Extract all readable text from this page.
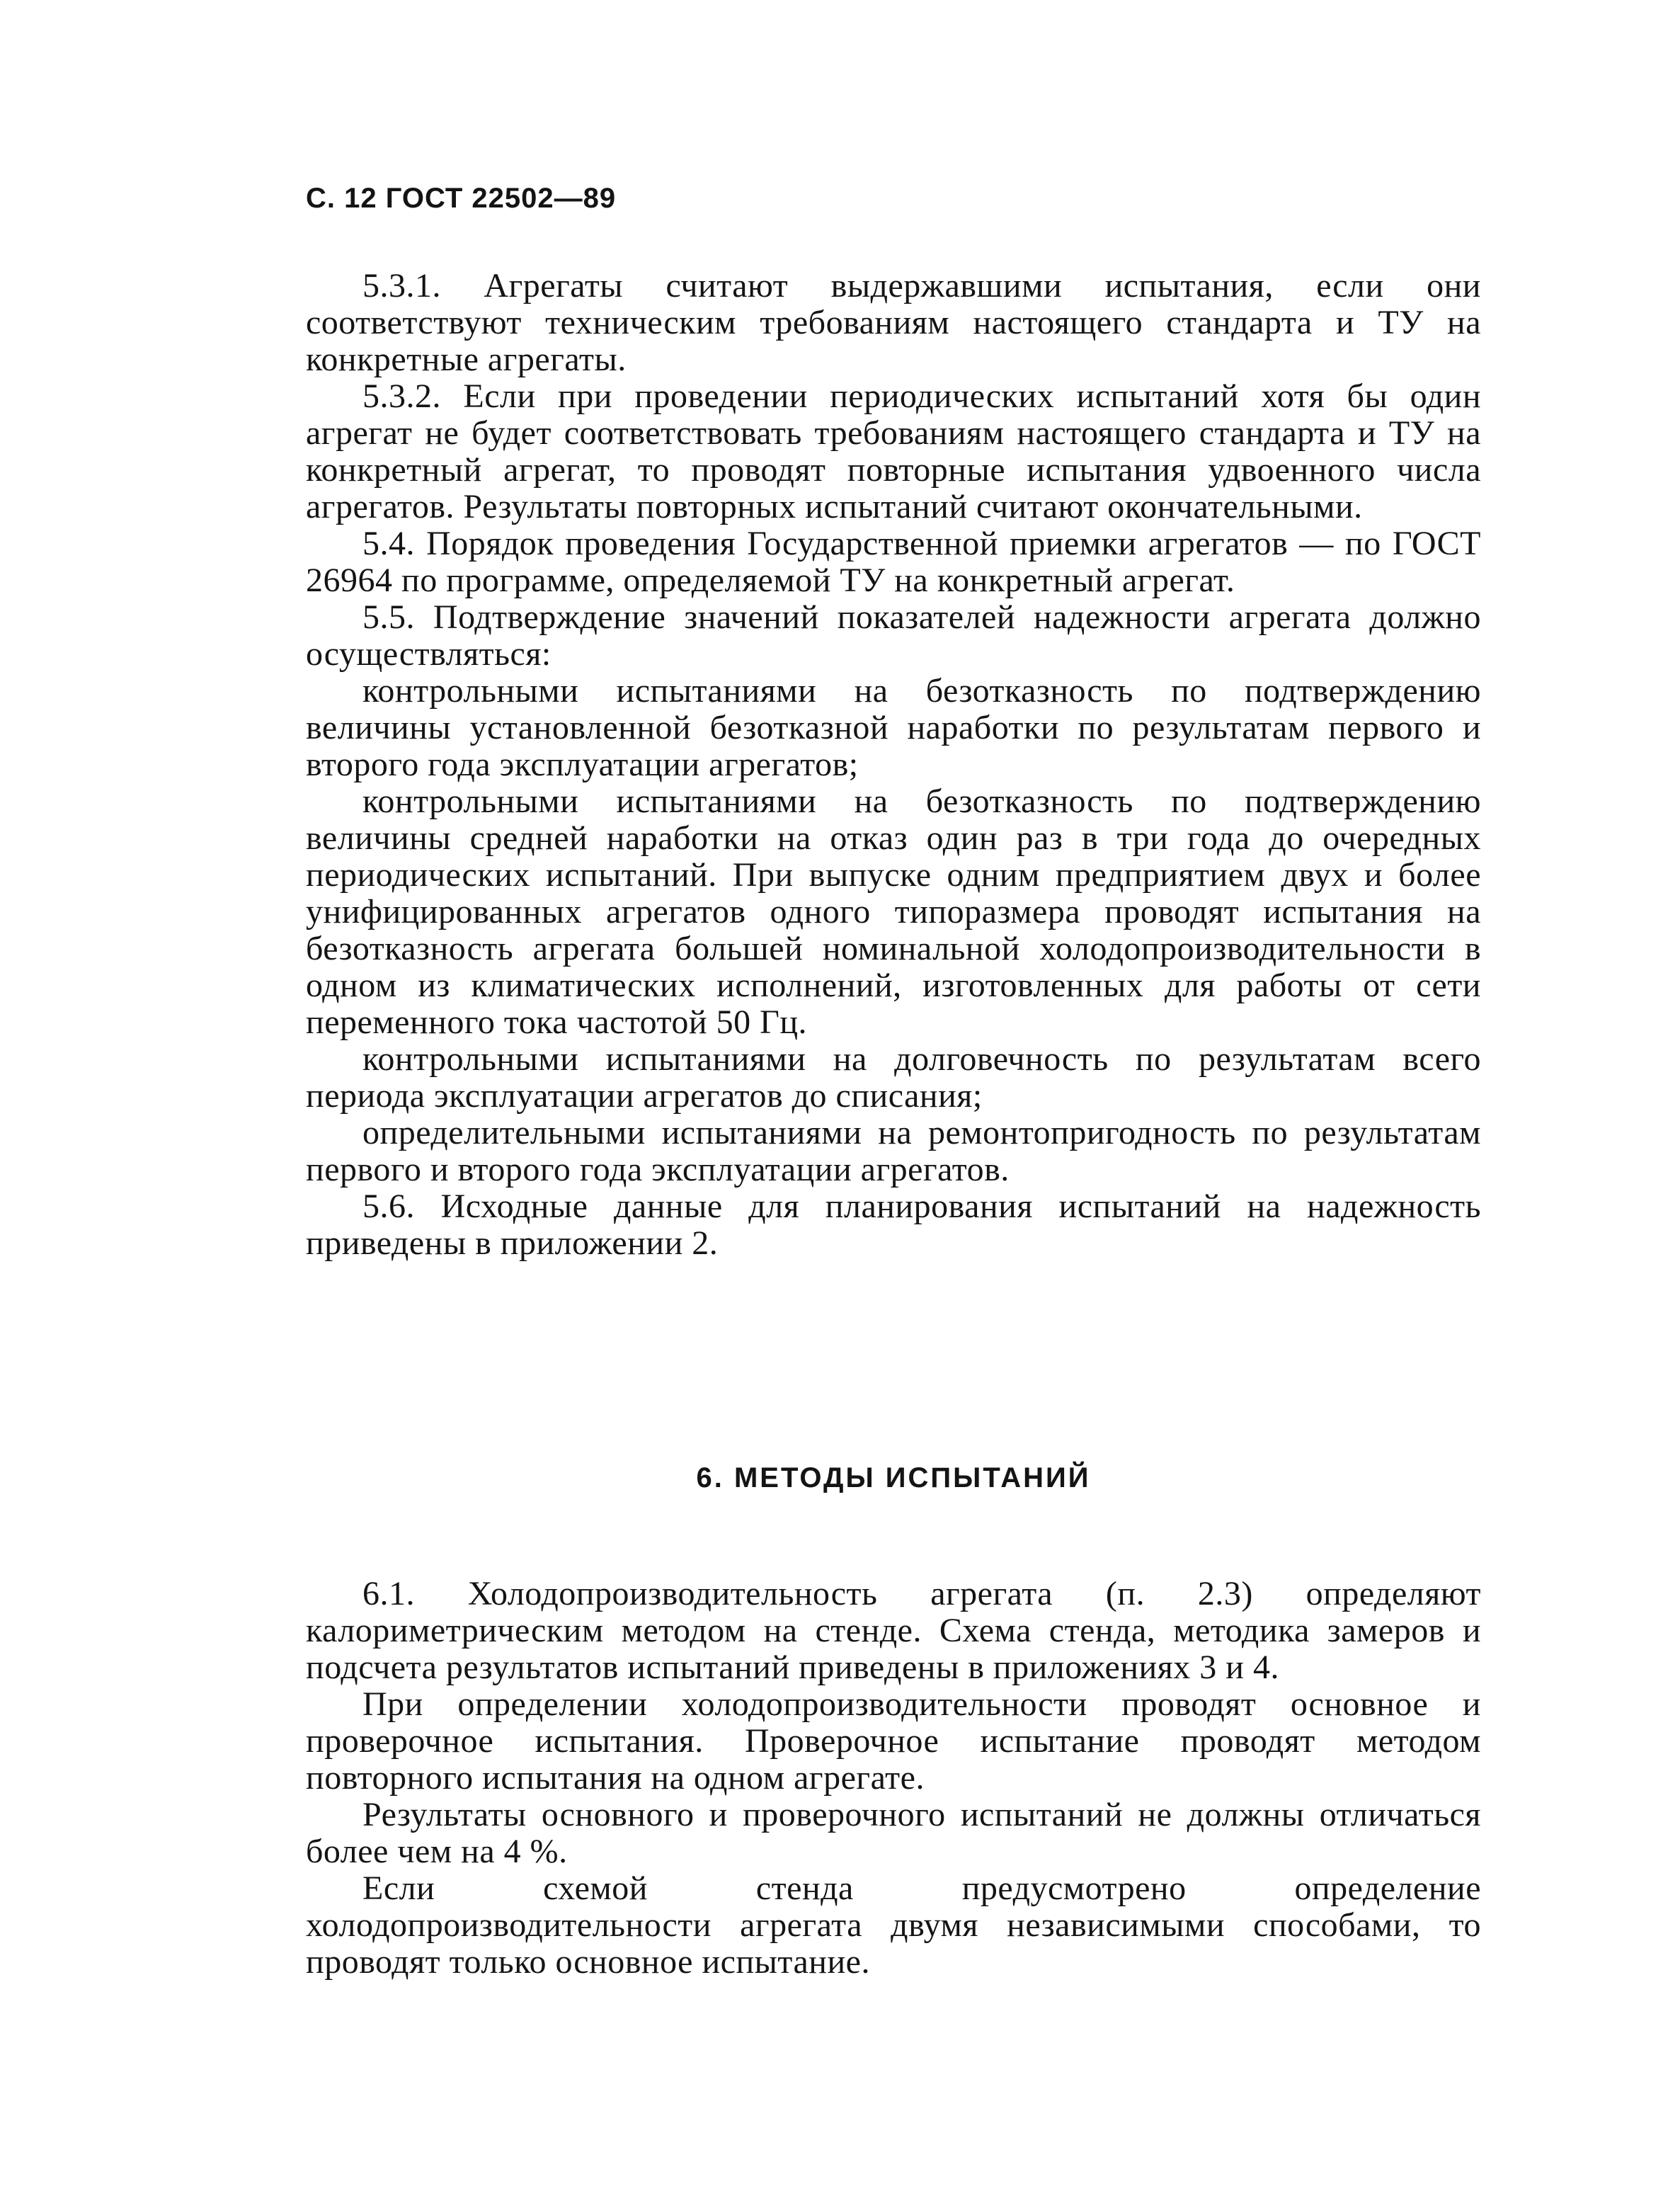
С. 12 ГОСТ 22502—89

5.3.1. Агрегаты считают выдержавшими испытания, если они соответствуют техническим требованиям настоящего стандарта и ТУ на конкретные агрегаты.

5.3.2. Если при проведении периодических испытаний хотя бы один агрегат не будет соответствовать требованиям настоящего стандарта и ТУ на конкретный агрегат, то проводят повторные испытания удвоенного числа агрегатов. Результаты повторных испытаний считают окончательными.

5.4. Порядок проведения Государственной приемки агрегатов — по ГОСТ 26964 по программе, определяемой ТУ на конкретный агрегат.

5.5. Подтверждение значений показателей надежности агрегата должно осуществляться:

контрольными испытаниями на безотказность по подтверждению величины установленной безотказной наработки по результатам первого и второго года эксплуатации агрегатов;

контрольными испытаниями на безотказность по подтверждению величины средней наработки на отказ один раз в три года до очередных периодических испытаний. При выпуске одним предприятием двух и более унифицированных агрегатов одного типоразмера проводят испытания на безотказность агрегата большей номинальной холодопроизводительности в одном из климатических исполнений, изготовленных для работы от сети переменного тока частотой 50 Гц.

контрольными испытаниями на долговечность по результатам всего периода эксплуатации агрегатов до списания;

определительными испытаниями на ремонтопригодность по результатам первого и второго года эксплуатации агрегатов.

5.6. Исходные данные для планирования испытаний на надежность приведены в приложении 2.

6. МЕТОДЫ ИСПЫТАНИЙ

6.1. Холодопроизводительность агрегата (п. 2.3) определяют калориметрическим методом на стенде. Схема стенда, методика замеров и подсчета результатов испытаний приведены в приложениях 3 и 4.

При определении холодопроизводительности проводят основное и проверочное испытания. Проверочное испытание проводят методом повторного испытания на одном агрегате.

Результаты основного и проверочного испытаний не должны отличаться более чем на 4 %.

Если схемой стенда предусмотрено определение холодопроизводительности агрегата двумя независимыми способами, то проводят только основное испытание.
